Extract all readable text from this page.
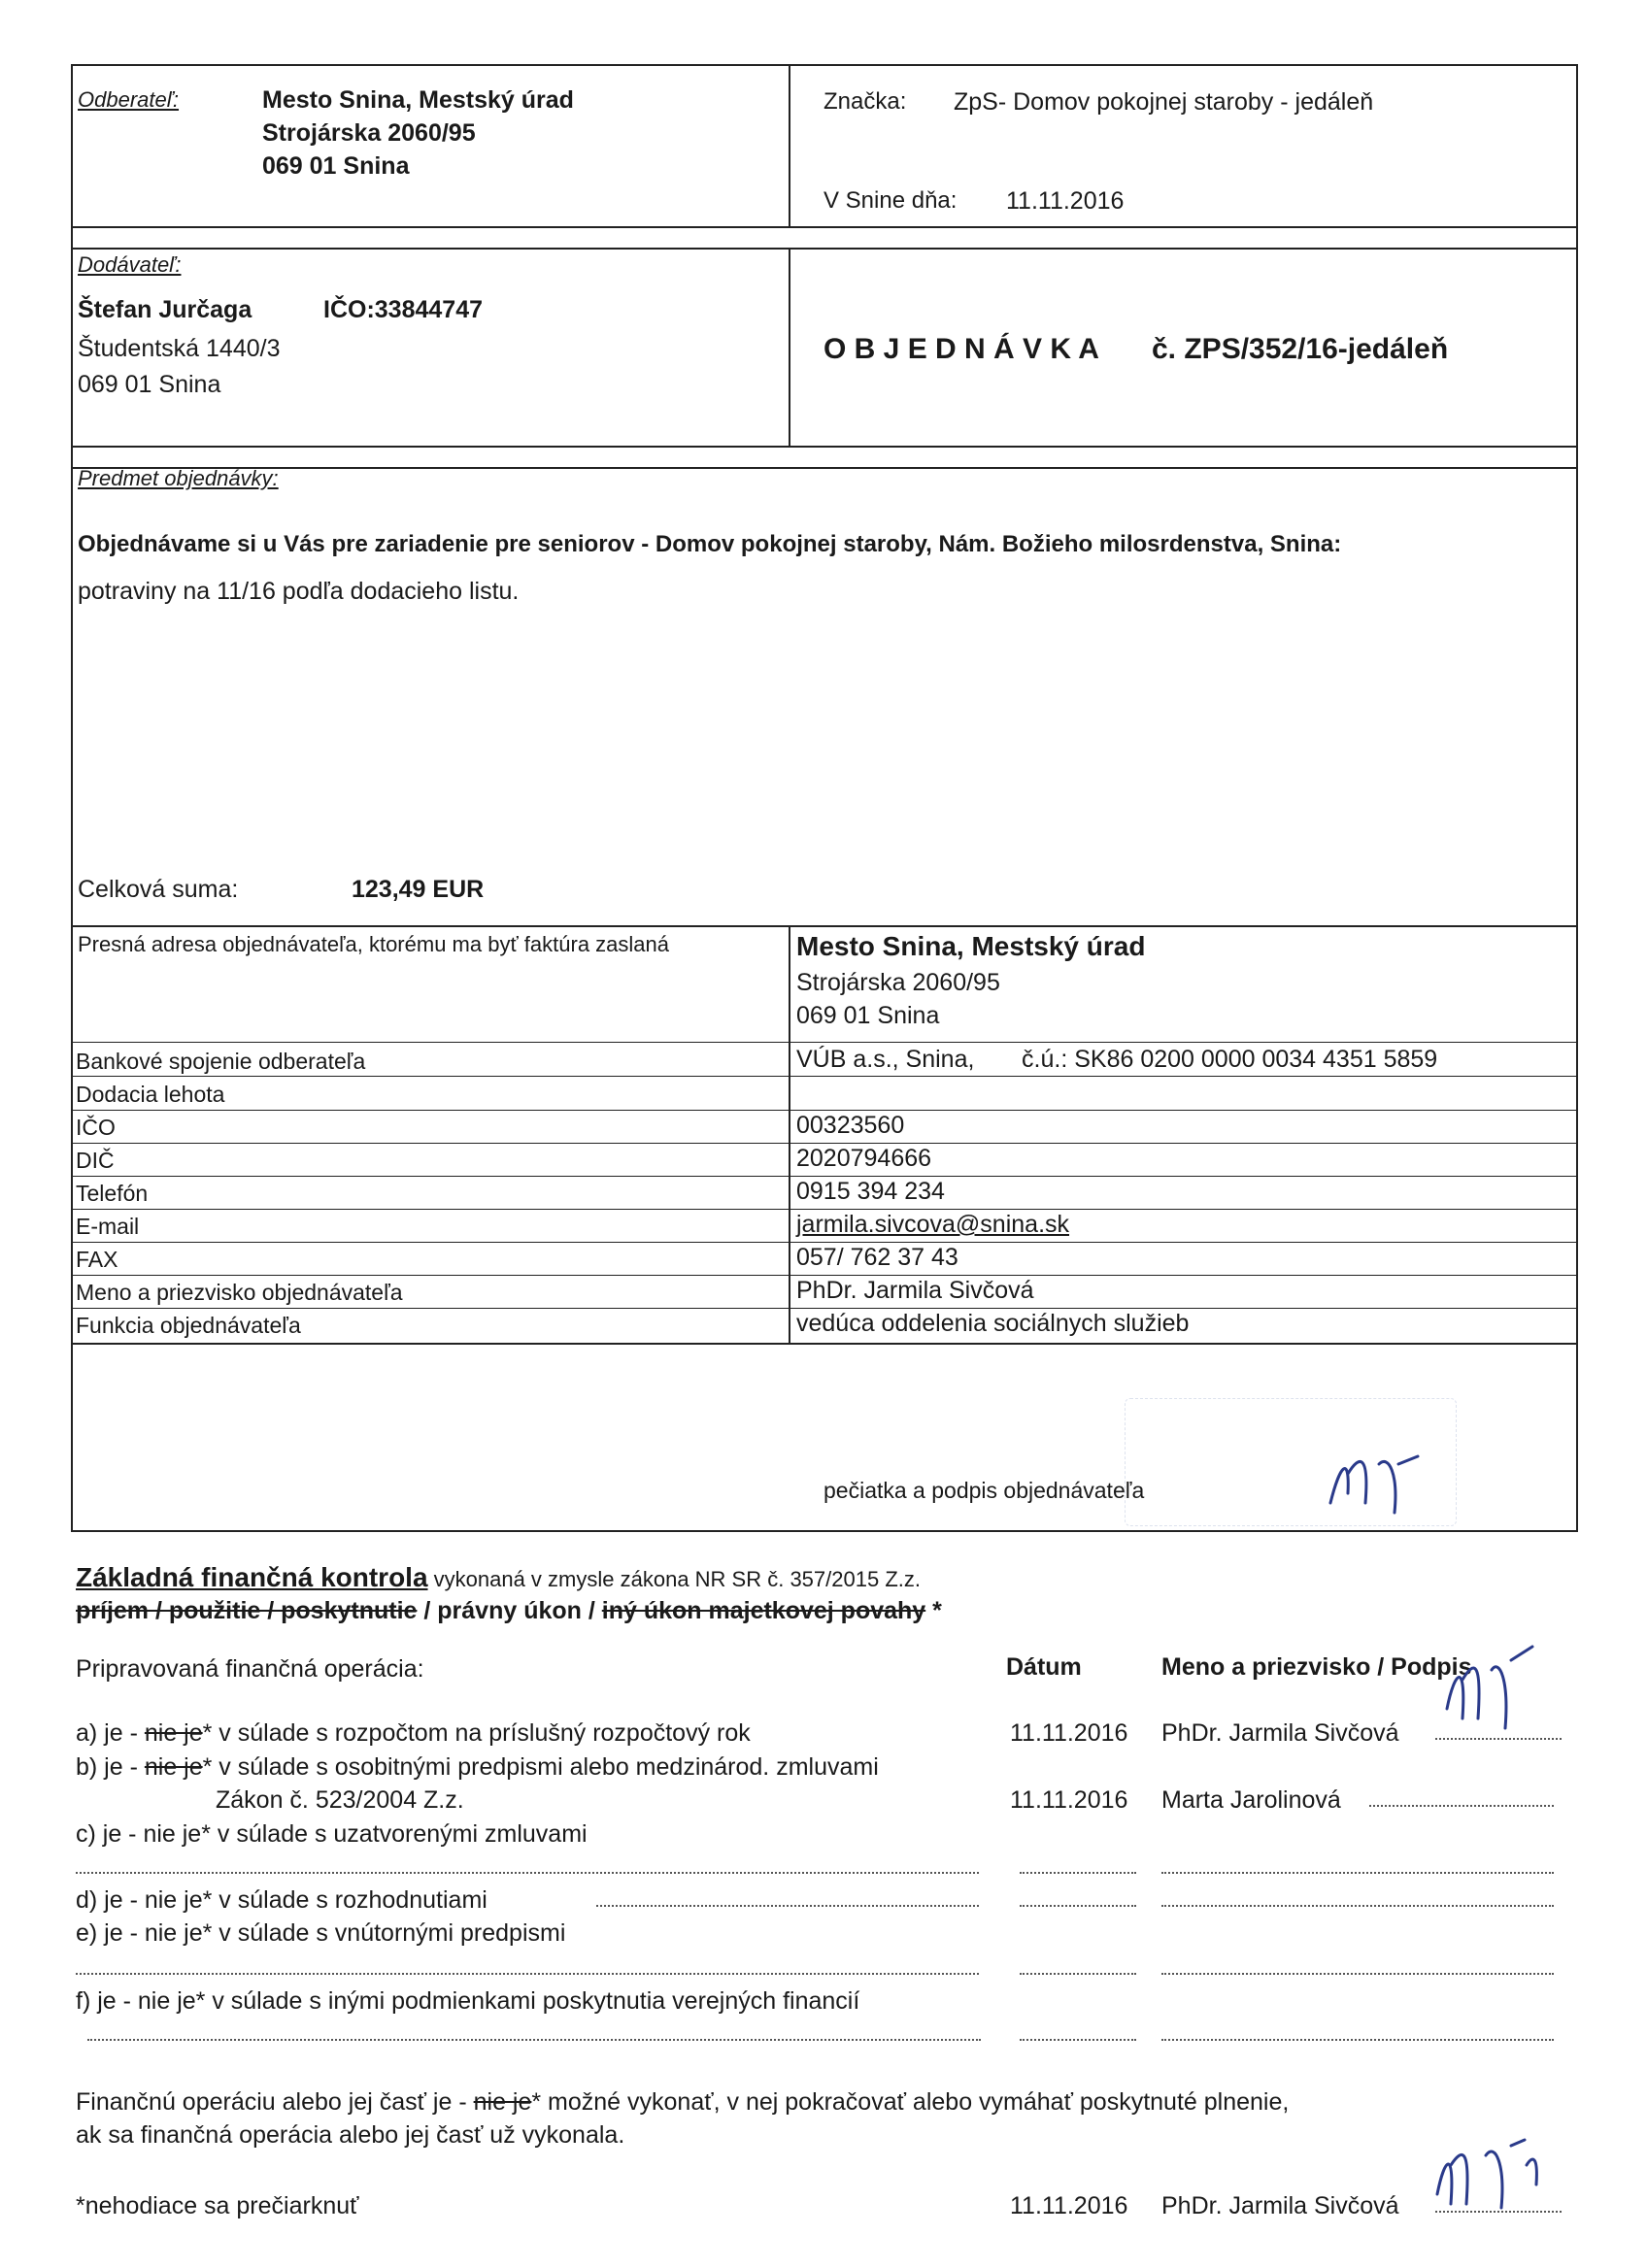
Odberateľ:	Mesto Snina, Mestský úrad
Strojárska 2060/95
069 01 Snina
Značka: ZpS- Domov pokojnej staroby - jedáleň
V Snine dňa: 11.11.2016
Dodávateľ:
Štefan Jurčaga	IČO:33844747
Študentská 1440/3
069 01 Snina
O B J E D N Á V K A č. ZPS/352/16-jedáleň
Predmet objednávky:
Objednávame si u Vás pre zariadenie pre seniorov - Domov pokojnej staroby, Nám. Božieho milosrdenstva, Snina:
potraviny na 11/16 podľa dodacieho listu.
Celková suma:	123,49 EUR
Presná adresa objednávateľa, ktorému ma byť faktúra zaslaná	Mesto Snina, Mestský úrad
Strojárska 2060/95
069 01 Snina
Bankové spojenie odberateľa	VÚB a.s., Snina,       č.ú.: SK86 0200 0000 0034 4351 5859
Dodacia lehota
IČO	00323560
DIČ	2020794666
Telefón	0915 394 234
E-mail	jarmila.sivcova@snina.sk
FAX	057/ 762 37 43
Meno a priezvisko objednávateľa	PhDr. Jarmila Sivčová
Funkcia objednávateľa	vedúca oddelenia sociálnych služieb
pečiatka a podpis objednávateľa
Základná finančná kontrola vykonaná v zmysle zákona NR SR č. 357/2015 Z.z.
príjem / použitie / poskytnutie / právny úkon / iný úkon majetkovej povahy *
Pripravovaná finančná operácia:	Dátum	Meno a priezvisko / Podpis
a) je - nie je* v súlade s rozpočtom na príslušný rozpočtový rok	11.11.2016 PhDr. Jarmila Sivčová
b) je - nie je* v súlade s osobitnými predpismi alebo medzinárod. zmluvami
Zákon č. 523/2004 Z.z.	11.11.2016 Marta Jarolinová
c) je - nie je* v súlade s uzatvorenými zmluvami
d) je - nie je* v súlade s rozhodnutiami
e) je - nie je* v súlade s vnútornými predpismi
f) je - nie je* v súlade s inými podmienkami poskytnutia verejných financií
Finančnú operáciu alebo jej časť je - nie je* možné vykonať, v nej pokračovať alebo vymáhať poskytnuté plnenie,
ak sa finančná operácia alebo jej časť už vykonala.
*nehodiace sa prečiarknuť	11.11.2016 PhDr. Jarmila Sivčová
